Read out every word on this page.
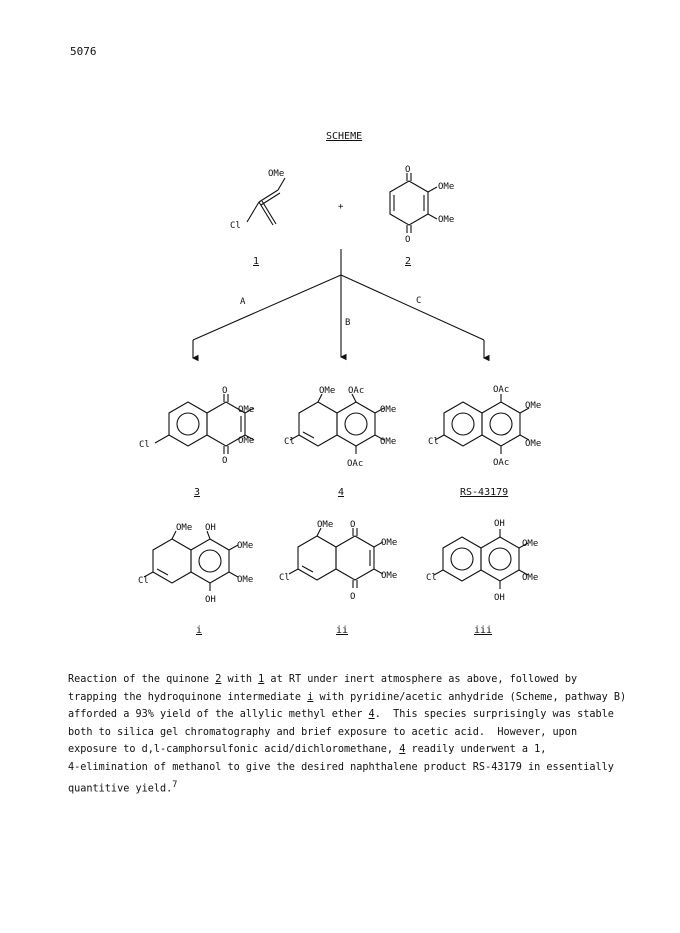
5076
SCHEME
OMe
Cl
1
+
O
O
OMe
OMe
2
A
B
C
O
O
OMe
OMe
Cl
3
OMe OAc
OMe
OMe
OAc
Cl
4
OAc
OAc
OMe
OMe
Cl
RS-43179
OMe OH
OMe
OMe
OH
Cl
i
OMe O
OMe
OMe
O
Cl
ii
OH
OH
OMe
OMe
Cl
iii
Reaction of the quinone 2 with 1 at RT under inert atmosphere as above, followed by
trapping the hydroquinone intermediate i with pyridine/acetic anhydride (Scheme, pathway B)
afforded a 93% yield of the allylic methyl ether 4.  This species surprisingly was stable
both to silica gel chromatography and brief exposure to acetic acid.  However, upon
exposure to d,l-camphorsulfonic acid/dichloromethane, 4 readily underwent a 1,
4-elimination of methanol to give the desired naphthalene product RS-43179 in essentially
quantitive yield.$^7$
